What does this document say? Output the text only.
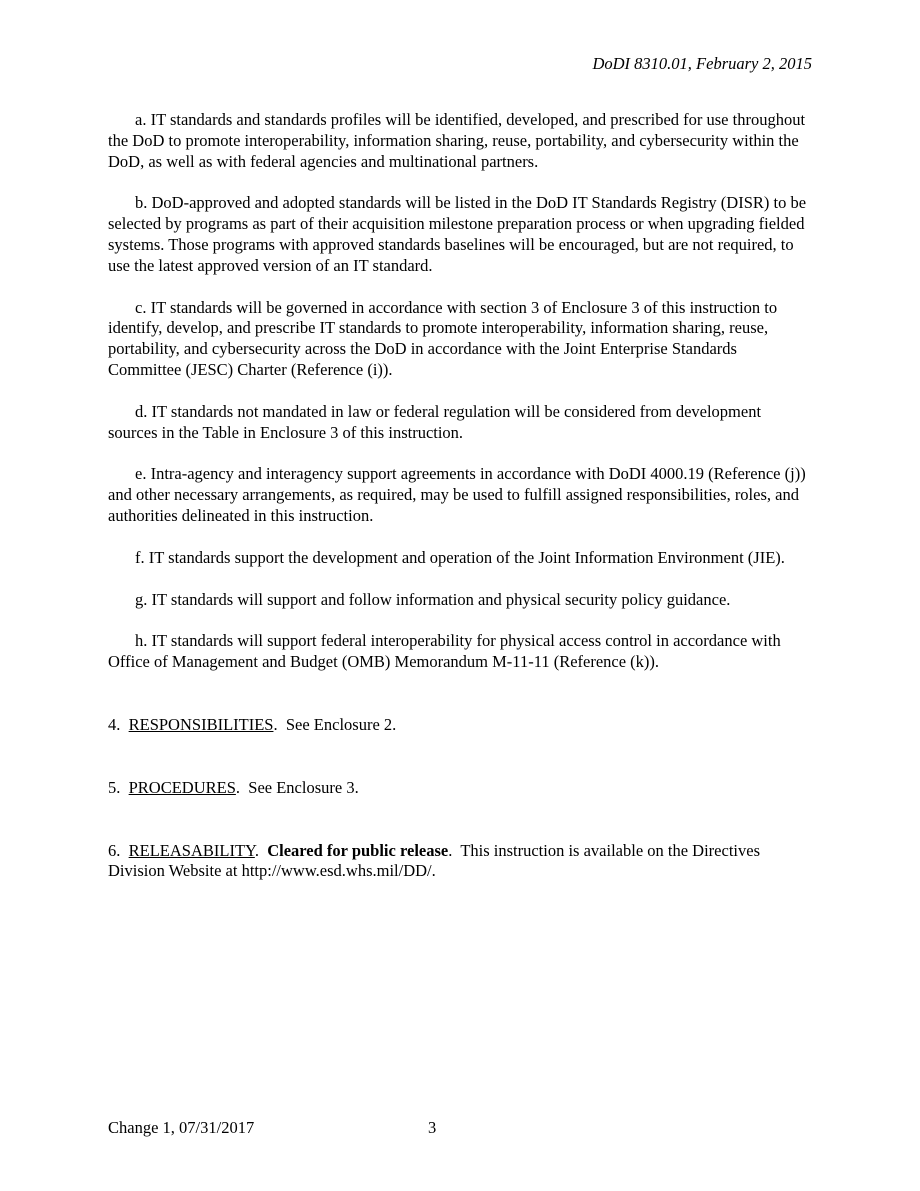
DoDI 8310.01, February 2, 2015

a. IT standards and standards profiles will be identified, developed, and prescribed for use throughout the DoD to promote interoperability, information sharing, reuse, portability, and cybersecurity within the DoD, as well as with federal agencies and multinational partners.

b. DoD-approved and adopted standards will be listed in the DoD IT Standards Registry (DISR) to be selected by programs as part of their acquisition milestone preparation process or when upgrading fielded systems. Those programs with approved standards baselines will be encouraged, but are not required, to use the latest approved version of an IT standard.

c. IT standards will be governed in accordance with section 3 of Enclosure 3 of this instruction to identify, develop, and prescribe IT standards to promote interoperability, information sharing, reuse, portability, and cybersecurity across the DoD in accordance with the Joint Enterprise Standards Committee (JESC) Charter (Reference (i)).

d. IT standards not mandated in law or federal regulation will be considered from development sources in the Table in Enclosure 3 of this instruction.

e. Intra-agency and interagency support agreements in accordance with DoDI 4000.19 (Reference (j)) and other necessary arrangements, as required, may be used to fulfill assigned responsibilities, roles, and authorities delineated in this instruction.

f. IT standards support the development and operation of the Joint Information Environment (JIE).

g. IT standards will support and follow information and physical security policy guidance.

h. IT standards will support federal interoperability for physical access control in accordance with Office of Management and Budget (OMB) Memorandum M-11-11 (Reference (k)).

4. RESPONSIBILITIES.  See Enclosure 2.

5. PROCEDURES.  See Enclosure 3.

6. RELEASABILITY.  Cleared for public release.  This instruction is available on the Directives Division Website at http://www.esd.whs.mil/DD/.

Change 1, 07/31/2017	3
